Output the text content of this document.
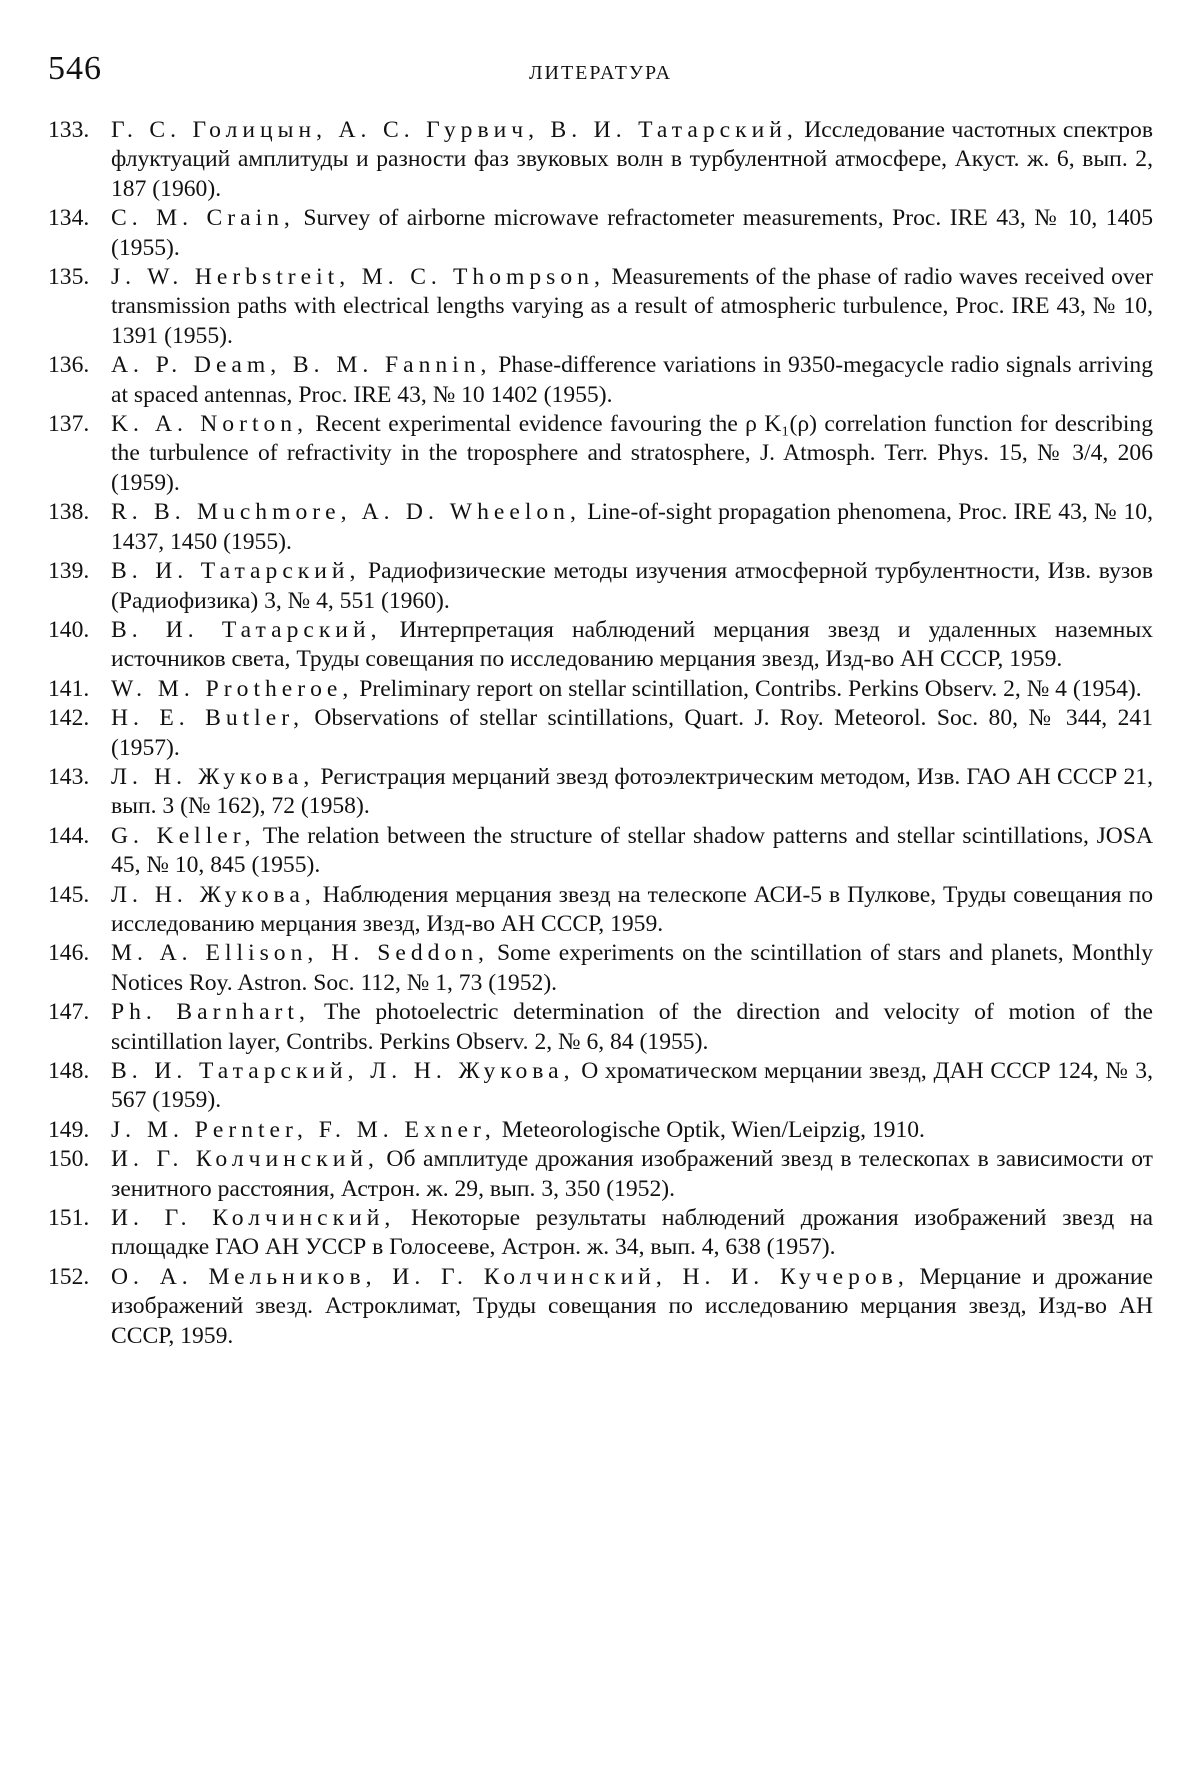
546	ЛИТЕРАТУРА
133. Г. С. Голицын, А. С. Гурвич, В. И. Татарский, Исследование частотных спектров флуктуаций амплитуды и разности фаз звуковых волн в турбулентной атмосфере, Акуст. ж. 6, вып. 2, 187 (1960).
134. C. M. Crain, Survey of airborne microwave refractometer measurements, Proc. IRE 43, № 10, 1405 (1955).
135. J. W. Herbstreit, M. C. Thompson, Measurements of the phase of radio waves received over transmission paths with electrical lengths varying as a result of atmospheric turbulence, Proc. IRE 43, № 10, 1391 (1955).
136. A. P. Deam, B. M. Fannin, Phase-difference variations in 9350-megacycle radio signals arriving at spaced antennas, Proc. IRE 43, № 10 1402 (1955).
137. K. A. Norton, Recent experimental evidence favouring the ρ K₁(ρ) correlation function for describing the turbulence of refractivity in the troposphere and stratosphere, J. Atmosph. Terr. Phys. 15, № 3/4, 206 (1959).
138. R. B. Muchmore, A. D. Wheelon, Line-of-sight propagation phenomena, Proc. IRE 43, № 10, 1437, 1450 (1955).
139. В. И. Татарский, Радиофизические методы изучения атмосферной турбулентности, Изв. вузов (Радиофизика) 3, № 4, 551 (1960).
140. В. И. Татарский, Интерпретация наблюдений мерцания звезд и удаленных наземных источников света, Труды совещания по исследованию мерцания звезд, Изд-во АН СССР, 1959.
141. W. M. Protheroe, Preliminary report on stellar scintillation, Contribs. Perkins Observ. 2, № 4 (1954).
142. H. E. Butler, Observations of stellar scintillations, Quart. J. Roy. Meteorol. Soc. 80, № 344, 241 (1957).
143. Л. Н. Жукова, Регистрация мерцаний звезд фотоэлектрическим методом, Изв. ГАО АН СССР 21, вып. 3 (№ 162), 72 (1958).
144. G. Keller, The relation between the structure of stellar shadow patterns and stellar scintillations, JOSA 45, № 10, 845 (1955).
145. Л. Н. Жукова, Наблюдения мерцания звезд на телескопе АСИ-5 в Пулкове, Труды совещания по исследованию мерцания звезд, Изд-во АН СССР, 1959.
146. M. A. Ellison, H. Seddon, Some experiments on the scintillation of stars and planets, Monthly Notices Roy. Astron. Soc. 112, № 1, 73 (1952).
147. Ph. Barnhart, The photoelectric determination of the direction and velocity of motion of the scintillation layer, Contribs. Perkins Observ. 2, № 6, 84 (1955).
148. В. И. Татарский, Л. Н. Жукова, О хроматическом мерцании звезд, ДАН СССР 124, № 3, 567 (1959).
149. J. M. Pernter, F. M. Exner, Meteorologische Optik, Wien/Leipzig, 1910.
150. И. Г. Колчинский, Об амплитуде дрожания изображений звезд в телескопах в зависимости от зенитного расстояния, Астрон. ж. 29, вып. 3, 350 (1952).
151. И. Г. Колчинский, Некоторые результаты наблюдений дрожания изображений звезд на площадке ГАО АН УССР в Голосееве, Астрон. ж. 34, вып. 4, 638 (1957).
152. О. А. Мельников, И. Г. Колчинский, Н. И. Кучеров, Мерцание и дрожание изображений звезд. Астроклимат, Труды совещания по исследованию мерцания звезд, Изд-во АН СССР, 1959.
